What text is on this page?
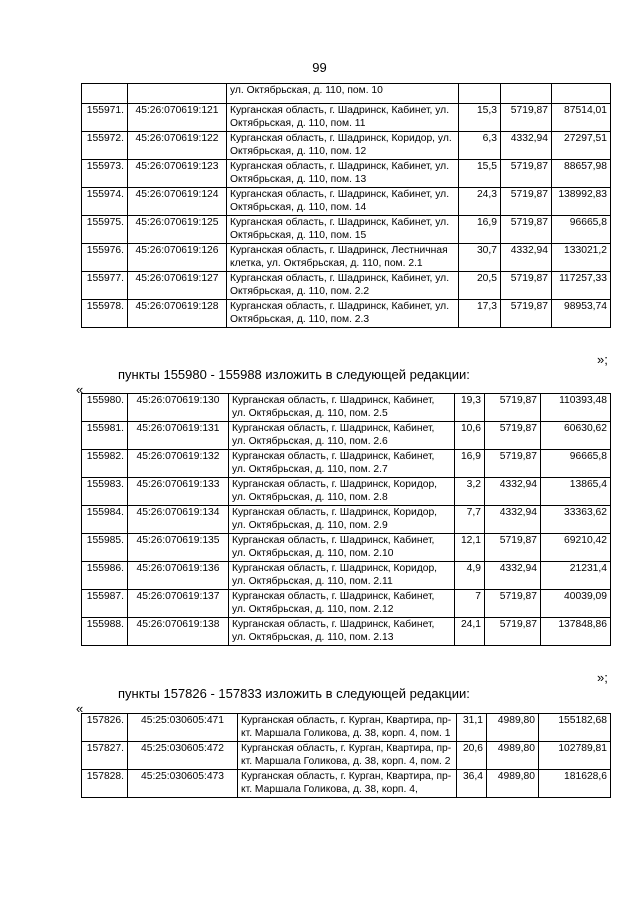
99
		ул. Октябрьская, д. 110, пом. 10			
155971.	45:26:070619:121	Курганская область, г. Шадринск, Кабинет, ул. Октябрьская, д. 110, пом. 11	15,3	5719,87	87514,01
155972.	45:26:070619:122	Курганская область, г. Шадринск, Коридор, ул. Октябрьская, д. 110, пом. 12	6,3	4332,94	27297,51
155973.	45:26:070619:123	Курганская область, г. Шадринск, Кабинет, ул. Октябрьская, д. 110, пом. 13	15,5	5719,87	88657,98
155974.	45:26:070619:124	Курганская область, г. Шадринск, Кабинет, ул. Октябрьская, д. 110, пом. 14	24,3	5719,87	138992,83
155975.	45:26:070619:125	Курганская область, г. Шадринск, Кабинет, ул. Октябрьская, д. 110, пом. 15	16,9	5719,87	96665,8
155976.	45:26:070619:126	Курганская область, г. Шадринск, Лестничная клетка, ул. Октябрьская, д. 110, пом. 2.1	30,7	4332,94	133021,2
155977.	45:26:070619:127	Курганская область, г. Шадринск, Кабинет, ул. Октябрьская, д. 110, пом. 2.2	20,5	5719,87	117257,33
155978.	45:26:070619:128	Курганская область, г. Шадринск, Кабинет, ул. Октябрьская, д. 110, пом. 2.3	17,3	5719,87	98953,74
»;
пункты 155980 - 155988 изложить в следующей редакции:
«
155980.	45:26:070619:130	Курганская область, г. Шадринск, Кабинет, ул. Октябрьская, д. 110, пом. 2.5	19,3	5719,87	110393,48
155981.	45:26:070619:131	Курганская область, г. Шадринск, Кабинет, ул. Октябрьская, д. 110, пом. 2.6	10,6	5719,87	60630,62
155982.	45:26:070619:132	Курганская область, г. Шадринск, Кабинет, ул. Октябрьская, д. 110, пом. 2.7	16,9	5719,87	96665,8
155983.	45:26:070619:133	Курганская область, г. Шадринск, Коридор, ул. Октябрьская, д. 110, пом. 2.8	3,2	4332,94	13865,4
155984.	45:26:070619:134	Курганская область, г. Шадринск, Коридор, ул. Октябрьская, д. 110, пом. 2.9	7,7	4332,94	33363,62
155985.	45:26:070619:135	Курганская область, г. Шадринск, Кабинет, ул. Октябрьская, д. 110, пом. 2.10	12,1	5719,87	69210,42
155986.	45:26:070619:136	Курганская область, г. Шадринск, Коридор, ул. Октябрьская, д. 110, пом. 2.11	4,9	4332,94	21231,4
155987.	45:26:070619:137	Курганская область, г. Шадринск, Кабинет, ул. Октябрьская, д. 110, пом. 2.12	7	5719,87	40039,09
155988.	45:26:070619:138	Курганская область, г. Шадринск, Кабинет, ул. Октябрьская, д. 110, пом. 2.13	24,1	5719,87	137848,86
»;
пункты 157826 - 157833 изложить в следующей редакции:
«
157826.	45:25:030605:471	Курганская область, г. Курган, Квартира, пр-кт. Маршала Голикова, д. 38, корп. 4, пом. 1	31,1	4989,80	155182,68
157827.	45:25:030605:472	Курганская область, г. Курган, Квартира, пр-кт. Маршала Голикова, д. 38, корп. 4, пом. 2	20,6	4989,80	102789,81
157828.	45:25:030605:473	Курганская область, г. Курган, Квартира, пр-кт. Маршала Голикова, д. 38, корп. 4,	36,4	4989,80	181628,6
